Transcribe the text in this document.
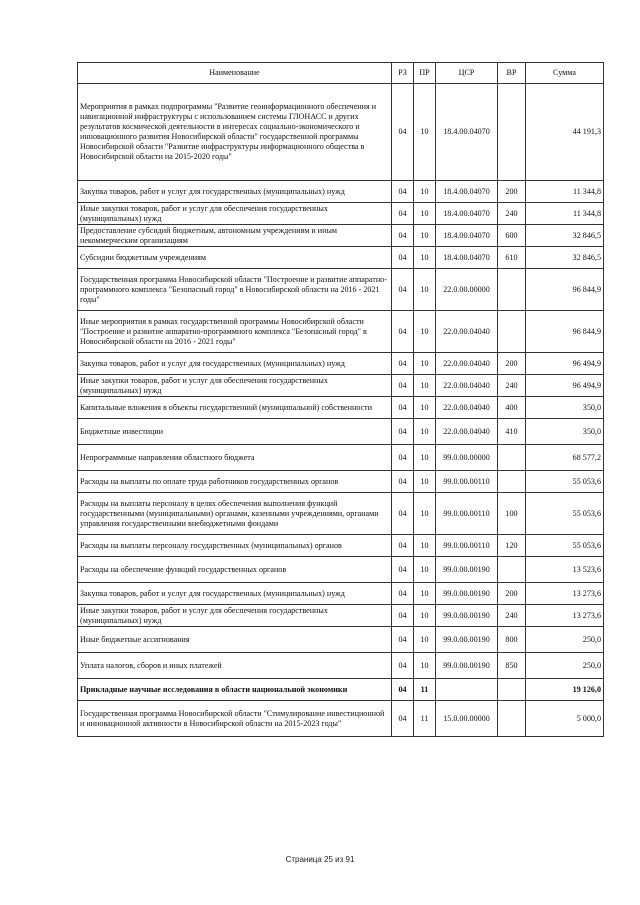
Наименование	РЗ	ПР	ЦСР	ВР	Сумма
Мероприятия в рамках подпрограммы "Развитие геоинформационного обеспечения и навигационной инфраструктуры с использованием системы ГЛОНАСС и других результатов космической деятельности в интересах социально-экономического и инновационного развития Новосибирской области" государственной программы Новосибирской области "Развитие инфраструктуры информационного общества в Новосибирской области на 2015-2020 годы"	04	10	18.4.00.04070		44 191,3
Закупка товаров, работ и услуг для государственных (муниципальных) нужд	04	10	18.4.00.04070	200	11 344,8
Иные закупки товаров, работ и услуг для обеспечения государственных (муниципальных) нужд	04	10	18.4.00.04070	240	11 344,8
Предоставление субсидий бюджетным, автономным учреждениям и иным некоммерческим организациям	04	10	18.4.00.04070	600	32 846,5
Субсидии бюджетным учреждениям	04	10	18.4.00.04070	610	32 846,5
Государственная программа Новосибирской области "Построение и развитие аппаратно-программного комплекса "Безопасный город" в Новосибирской области на 2016 - 2021 годы"	04	10	22.0.00.00000		96 844,9
Иные мероприятия в рамках государственной программы Новосибирской области "Построение и развитие аппаратно-программного комплекса "Безопасный город" в Новосибирской области на 2016 - 2021 годы"	04	10	22.0.00.04040		96 844,9
Закупка товаров, работ и услуг для государственных (муниципальных) нужд	04	10	22.0.00.04040	200	96 494,9
Иные закупки товаров, работ и услуг для обеспечения государственных (муниципальных) нужд	04	10	22.0.00.04040	240	96 494,9
Капитальные вложения в объекты государственной (муниципальной) собственности	04	10	22.0.00.04040	400	350,0
Бюджетные инвестиции	04	10	22.0.00.04040	410	350,0
Непрограммные направления областного бюджета	04	10	99.0.00.00000		68 577,2
Расходы на выплаты по оплате труда работников государственных органов	04	10	99.0.00.00110		55 053,6
Расходы на выплаты персоналу в целях обеспечения выполнения функций государственными (муниципальными) органами, казенными учреждениями, органами управления государственными внебюджетными фондами	04	10	99.0.00.00110	100	55 053,6
Расходы на выплаты персоналу государственных (муниципальных) органов	04	10	99.0.00.00110	120	55 053,6
Расходы на обеспечение функций государственных органов	04	10	99.0.00.00190		13 523,6
Закупка товаров, работ и услуг для государственных (муниципальных) нужд	04	10	99.0.00.00190	200	13 273,6
Иные закупки товаров, работ и услуг для обеспечения государственных (муниципальных) нужд	04	10	99.0.00.00190	240	13 273,6
Иные бюджетные ассигнования	04	10	99.0.00.00190	800	250,0
Уплата налогов, сборов и иных платежей	04	10	99.0.00.00190	850	250,0
Прикладные научные исследования в области национальной экономики	04	11			19 126,0
Государственная программа Новосибирской области "Стимулирование инвестиционной и инновационной активности в Новосибирской области на 2015-2023 годы"	04	11	15.0.00.00000		5 000,0
Страница 25 из 91
